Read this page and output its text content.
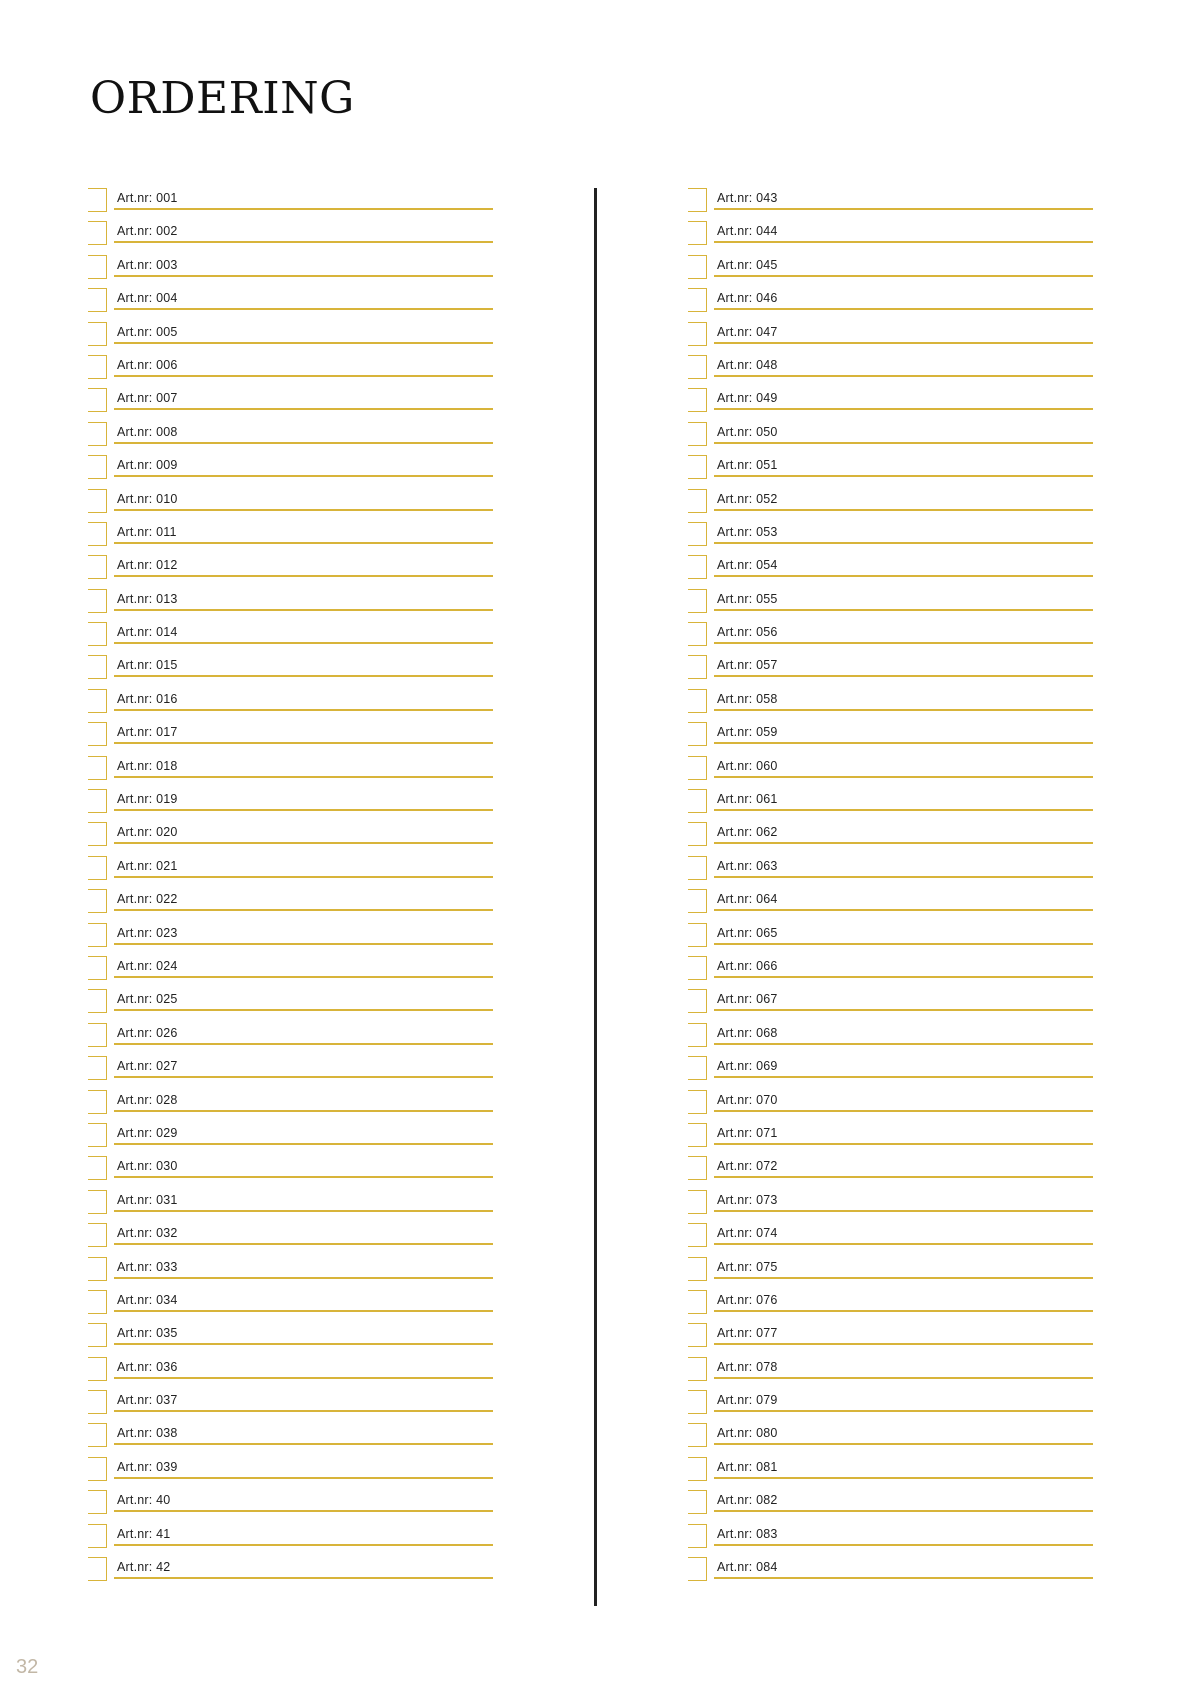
ORDERING
Art.nr: 001
Art.nr: 002
Art.nr: 003
Art.nr: 004
Art.nr: 005
Art.nr: 006
Art.nr: 007
Art.nr: 008
Art.nr: 009
Art.nr: 010
Art.nr: 011
Art.nr: 012
Art.nr: 013
Art.nr: 014
Art.nr: 015
Art.nr: 016
Art.nr: 017
Art.nr: 018
Art.nr: 019
Art.nr: 020
Art.nr: 021
Art.nr: 022
Art.nr: 023
Art.nr: 024
Art.nr: 025
Art.nr: 026
Art.nr: 027
Art.nr: 028
Art.nr: 029
Art.nr: 030
Art.nr: 031
Art.nr: 032
Art.nr: 033
Art.nr: 034
Art.nr: 035
Art.nr: 036
Art.nr: 037
Art.nr: 038
Art.nr: 039
Art.nr: 40
Art.nr: 41
Art.nr: 42
Art.nr: 043
Art.nr: 044
Art.nr: 045
Art.nr: 046
Art.nr: 047
Art.nr: 048
Art.nr: 049
Art.nr: 050
Art.nr: 051
Art.nr: 052
Art.nr: 053
Art.nr: 054
Art.nr: 055
Art.nr: 056
Art.nr: 057
Art.nr: 058
Art.nr: 059
Art.nr: 060
Art.nr: 061
Art.nr: 062
Art.nr: 063
Art.nr: 064
Art.nr: 065
Art.nr: 066
Art.nr: 067
Art.nr: 068
Art.nr: 069
Art.nr: 070
Art.nr: 071
Art.nr: 072
Art.nr: 073
Art.nr: 074
Art.nr: 075
Art.nr: 076
Art.nr: 077
Art.nr: 078
Art.nr: 079
Art.nr: 080
Art.nr: 081
Art.nr: 082
Art.nr: 083
Art.nr: 084
32
